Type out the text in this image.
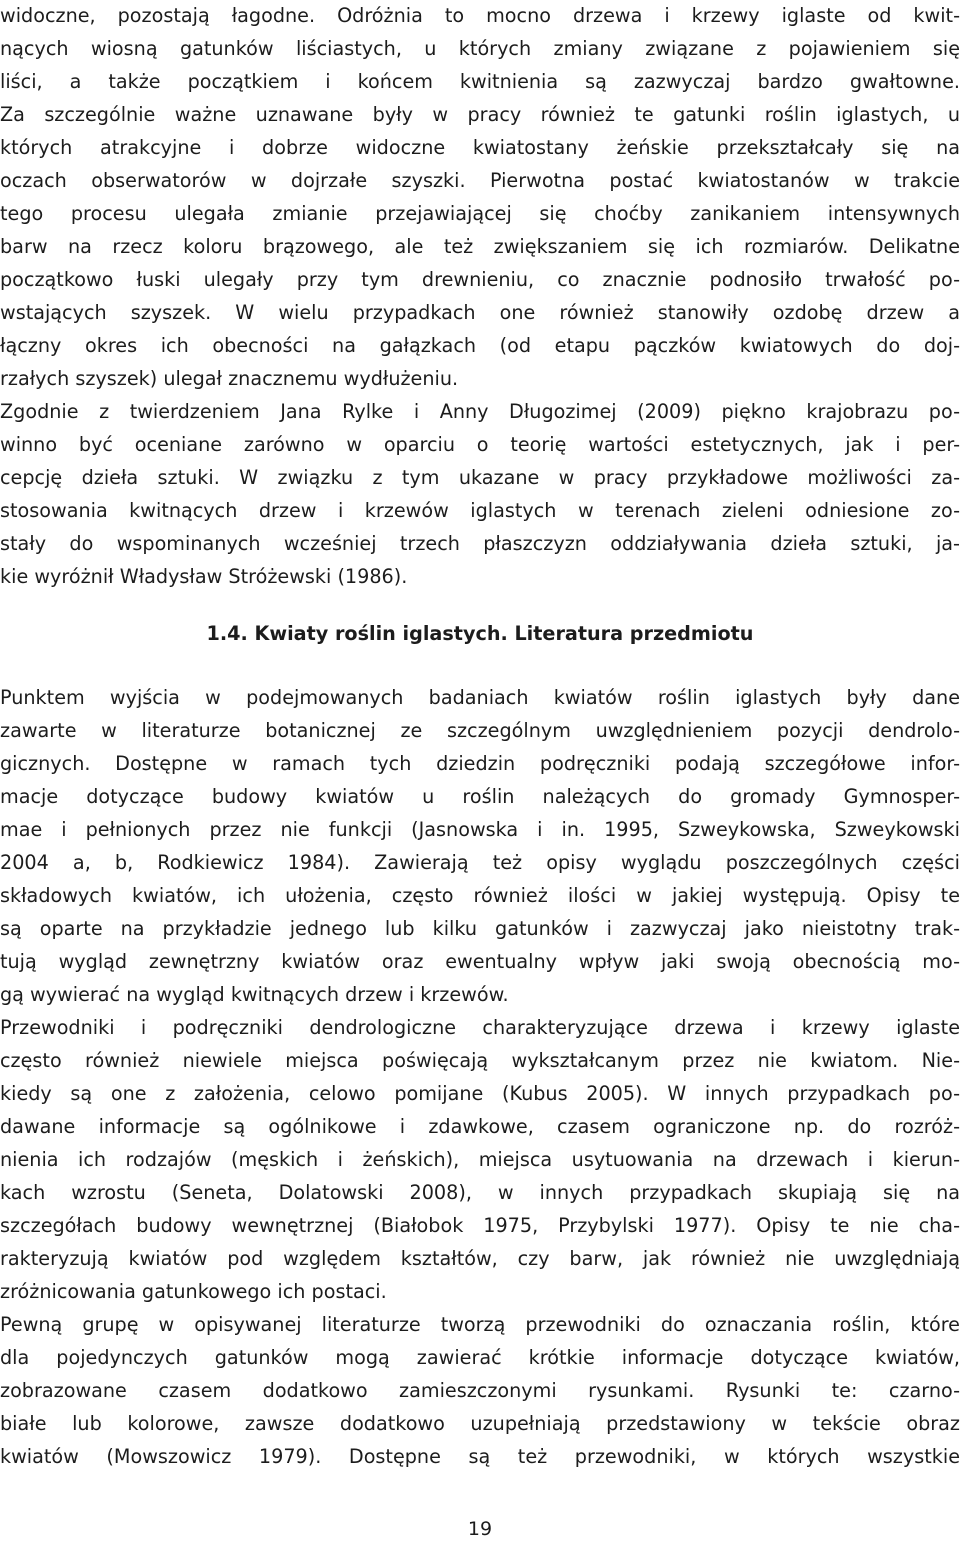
widoczne, pozostają łagodne. Odróżnia to mocno drzewa i krzewy iglaste od kwit-
nących wiosną gatunków liściastych, u których zmiany związane z pojawieniem się
liści, a także początkiem i końcem kwitnienia są zazwyczaj bardzo gwałtowne.
Za szczególnie ważne uznawane były w pracy również te gatunki roślin iglastych, u
których atrakcyjne i dobrze widoczne kwiatostany żeńskie przekształcały się na
oczach obserwatorów w dojrzałe szyszki. Pierwotna postać kwiatostanów w trakcie
tego procesu ulegała zmianie przejawiającej się choćby zanikaniem intensywnych
barw na rzecz koloru brązowego, ale też zwiększaniem się ich rozmiarów. Delikatne
początkowo łuski ulegały przy tym drewnieniu, co znacznie podnosiło trwałość po-
wstających szyszek. W wielu przypadkach one również stanowiły ozdobę drzew a
łączny okres ich obecności na gałązkach (od etapu pączków kwiatowych do doj-
rzałych szyszek) ulegał znacznemu wydłużeniu.
Zgodnie z twierdzeniem Jana Rylke i Anny Długozimej (2009) piękno krajobrazu po-
winno być oceniane zarówno w oparciu o teorię wartości estetycznych, jak i per-
cepcję dzieła sztuki. W związku z tym ukazane w pracy przykładowe możliwości za-
stosowania kwitnących drzew i krzewów iglastych w terenach zieleni odniesione zo-
stały do wspominanych wcześniej trzech płaszczyzn oddziaływania dzieła sztuki, ja-
kie wyróżnił Władysław Stróżewski (1986).
1.4. Kwiaty roślin iglastych. Literatura przedmiotu
Punktem wyjścia w podejmowanych badaniach kwiatów roślin iglastych były dane
zawarte w literaturze botanicznej ze szczególnym uwzględnieniem pozycji dendrolo-
gicznych. Dostępne w ramach tych dziedzin podręczniki podają szczegółowe infor-
macje dotyczące budowy kwiatów u roślin należących do gromady Gymnosper-
mae i pełnionych przez nie funkcji (Jasnowska i in. 1995, Szweykowska, Szweykowski
2004 a, b, Rodkiewicz 1984). Zawierają też opisy wyglądu poszczególnych części
składowych kwiatów, ich ułożenia, często również ilości w jakiej występują. Opisy te
są oparte na przykładzie jednego lub kilku gatunków i zazwyczaj jako nieistotny trak-
tują wygląd zewnętrzny kwiatów oraz ewentualny wpływ jaki swoją obecnością mo-
gą wywierać na wygląd kwitnących drzew i krzewów.
Przewodniki i podręczniki dendrologiczne charakteryzujące drzewa i krzewy iglaste
często również niewiele miejsca poświęcają wykształcanym przez nie kwiatom. Nie-
kiedy są one z założenia, celowo pomijane (Kubus 2005). W innych przypadkach po-
dawane informacje są ogólnikowe i zdawkowe, czasem ograniczone np. do rozróż-
nienia ich rodzajów (męskich i żeńskich), miejsca usytuowania na drzewach i kierun-
kach wzrostu (Seneta, Dolatowski 2008), w innych przypadkach skupiają się na
szczegółach budowy wewnętrznej (Białobok 1975, Przybylski 1977). Opisy te nie cha-
rakteryzują kwiatów pod względem kształtów, czy barw, jak również nie uwzględniają
zróżnicowania gatunkowego ich postaci.
Pewną grupę w opisywanej literaturze tworzą przewodniki do oznaczania roślin, które
dla pojedynczych gatunków mogą zawierać krótkie informacje dotyczące kwiatów,
zobrazowane czasem dodatkowo zamieszczonymi rysunkami. Rysunki te: czarno-
białe lub kolorowe, zawsze dodatkowo uzupełniają przedstawiony w tekście obraz
kwiatów (Mowszowicz 1979). Dostępne są też przewodniki, w których wszystkie
19
